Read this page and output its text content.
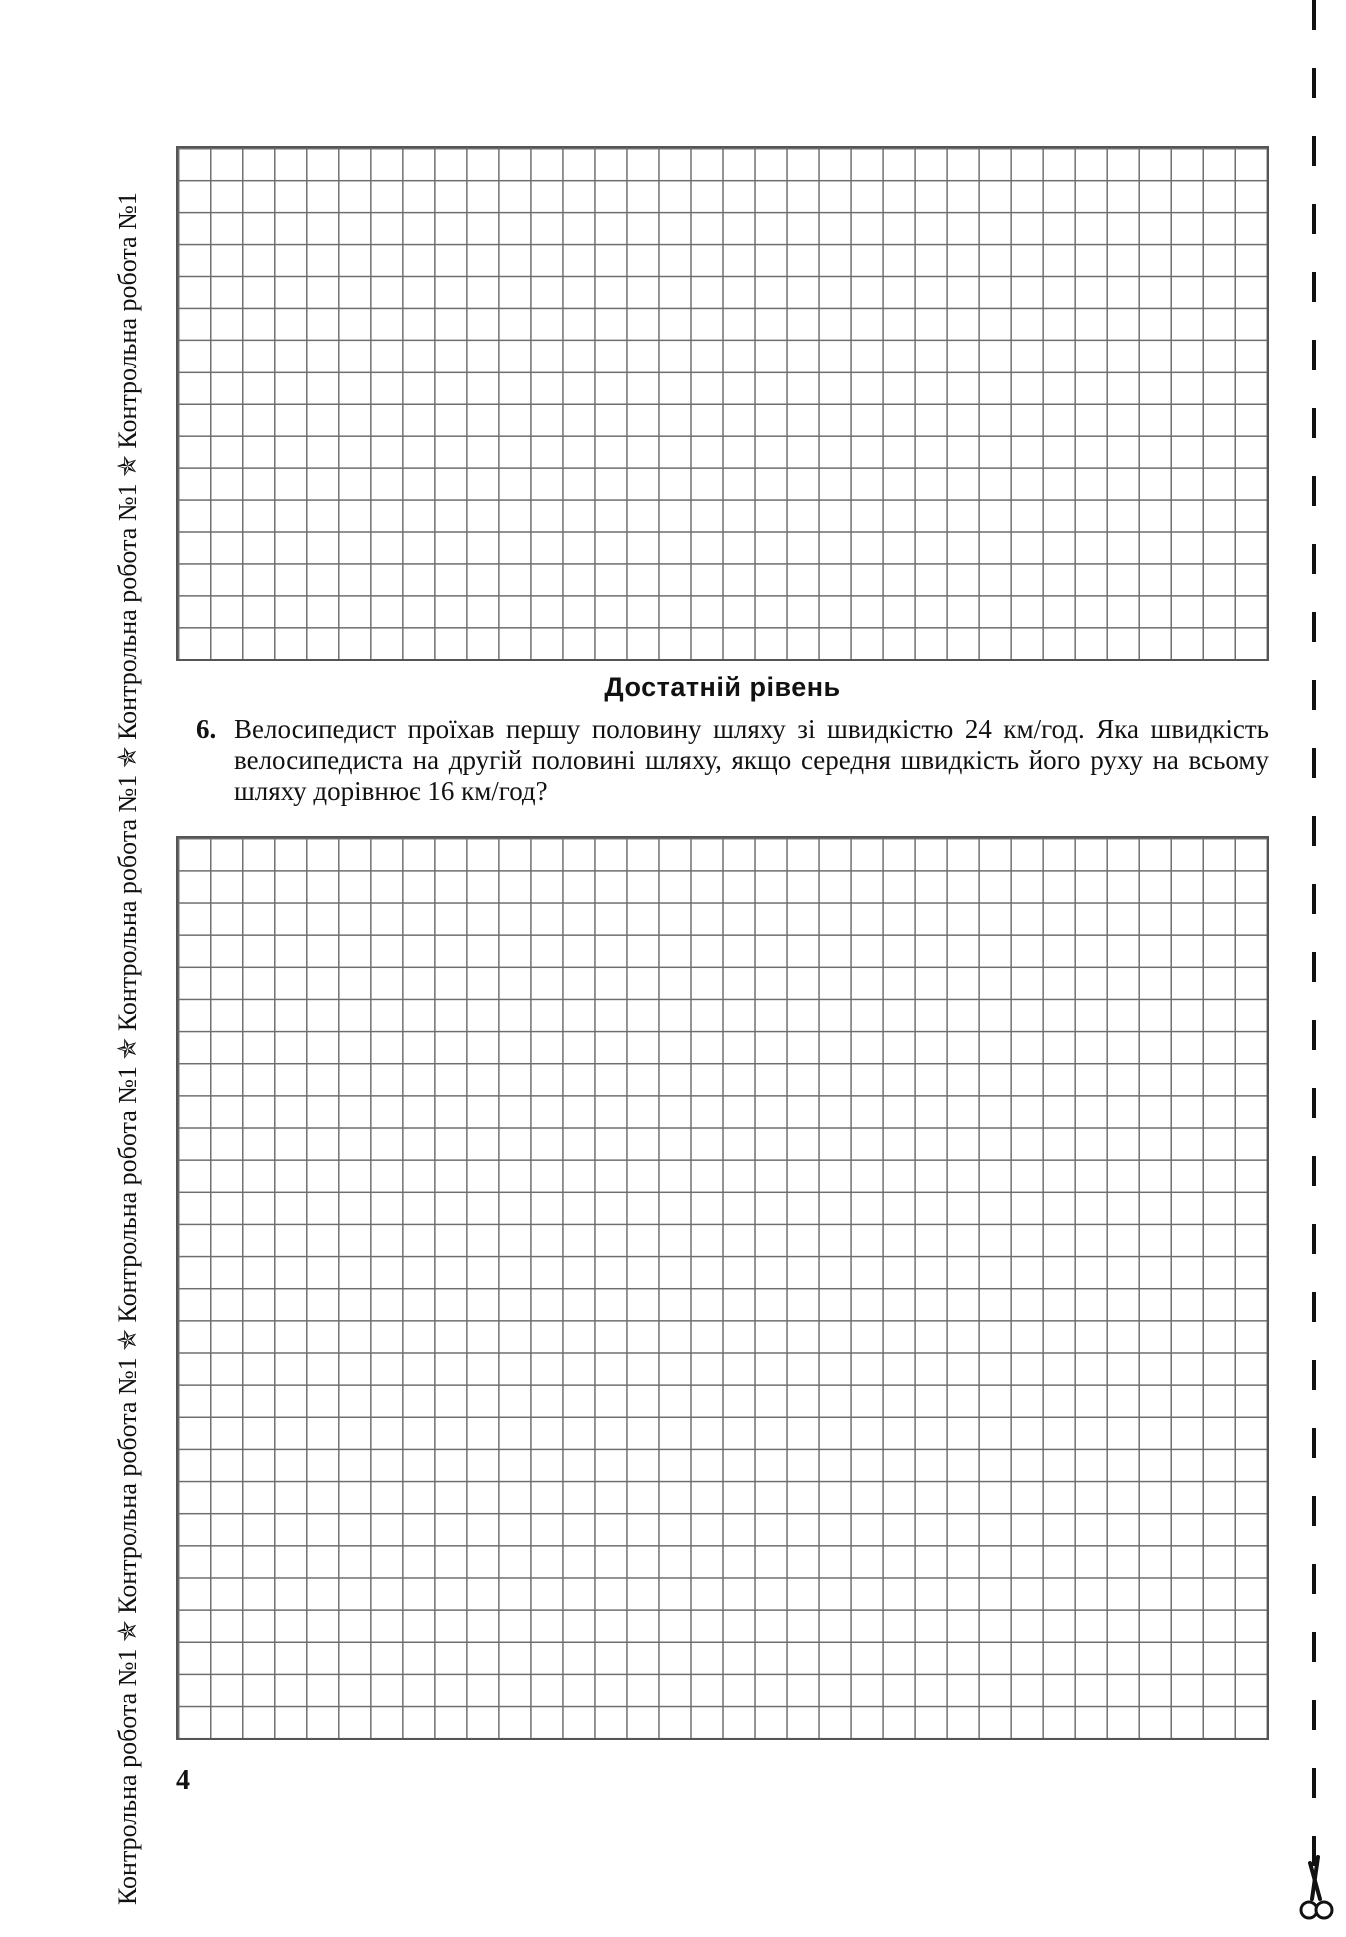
Контрольна робота №1 ✯ Контрольна робота №1 ✯ Контрольна робота №1 ✯ Контрольна робота №1 ✯ Контрольна робота №1 ✯ Контрольна робота №1	Достатній рівень
6. Велосипедист проїхав першу половину шляху зі швидкістю 24 км/год. Яка швидкість велосипедиста на другій половині шляху, якщо середня швидкість його руху на всьому шляху дорівнює 16 км/год?
4
